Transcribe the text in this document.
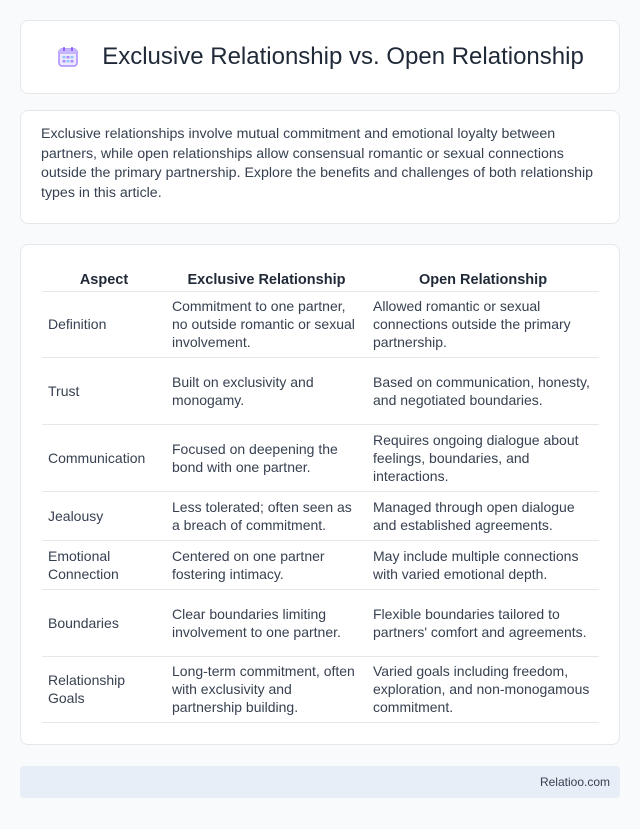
Exclusive Relationship vs. Open Relationship

Exclusive relationships involve mutual commitment and emotional loyalty between partners, while open relationships allow consensual romantic or sexual connections outside the primary partnership. Explore the benefits and challenges of both relationship types in this article.

Aspect	Exclusive Relationship	Open Relationship
Definition	Commitment to one partner, no outside romantic or sexual involvement.	Allowed romantic or sexual connections outside the primary partnership.
Trust	Built on exclusivity and monogamy.	Based on communication, honesty, and negotiated boundaries.
Communication	Focused on deepening the bond with one partner.	Requires ongoing dialogue about feelings, boundaries, and interactions.
Jealousy	Less tolerated; often seen as a breach of commitment.	Managed through open dialogue and established agreements.
Emotional Connection	Centered on one partner fostering intimacy.	May include multiple connections with varied emotional depth.
Boundaries	Clear boundaries limiting involvement to one partner.	Flexible boundaries tailored to partners' comfort and agreements.
Relationship Goals	Long-term commitment, often with exclusivity and partnership building.	Varied goals including freedom, exploration, and non-monogamous commitment.
Relatioo.com
